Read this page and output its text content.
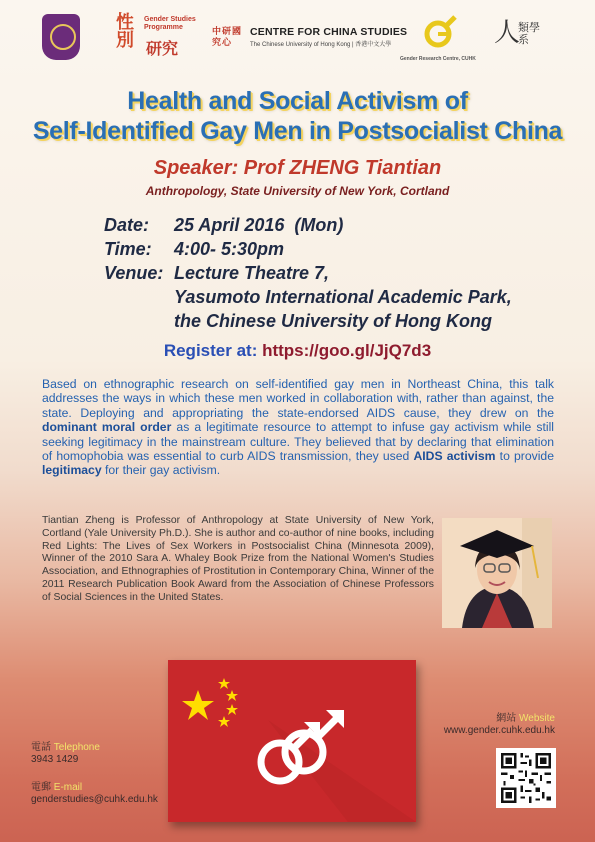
性別
Gender Studies Programme
研究
中研國究心
CENTRE FOR CHINA STUDIES
The Chinese University of Hong Kong | 香港中文大學
Gender Research Centre, CUHK
人
類學系
Health and Social Activism of
Self-Identified Gay Men in Postsocialist China
Speaker: Prof ZHENG Tiantian
Anthropology, State University of New York, Cortland
Date:	25 April 2016  (Mon)
Time:	4:00- 5:30pm
Venue: Lecture Theatre 7,
Yasumoto International Academic Park,
the Chinese University of Hong Kong
Register at: https://goo.gl/JjQ7d3
Based on ethnographic research on self-identified gay men in Northeast China, this talk addresses the ways in which these men worked in collaboration with, rather than against, the state. Deploying and appropriating the state-endorsed AIDS cause, they drew on the dominant moral order as a legitimate resource to attempt to infuse gay activism while still seeking legitimacy in the mainstream culture. They believed that by declaring that elimination of homophobia was essential to curb AIDS transmission, they used AIDS activism to provide legitimacy for their gay activism.
Tiantian Zheng is Professor of Anthropology at State University of New York, Cortland (Yale University Ph.D.). She is author and co-author of nine books, including Red Lights: The Lives of Sex Workers in Postsocialist China (Minnesota 2009), Winner of the 2010 Sara A. Whaley Book Prize from the National Women's Studies Association, and Ethnographies of Prostitution in Contemporary China, Winner of the 2011 Research Publication Book Award from the Association of Chinese Professors of Social Sciences in the United States.
電話 Telephone
3943 1429
電郵 E-mail
genderstudies@cuhk.edu.hk
網站 Website
www.gender.cuhk.edu.hk
